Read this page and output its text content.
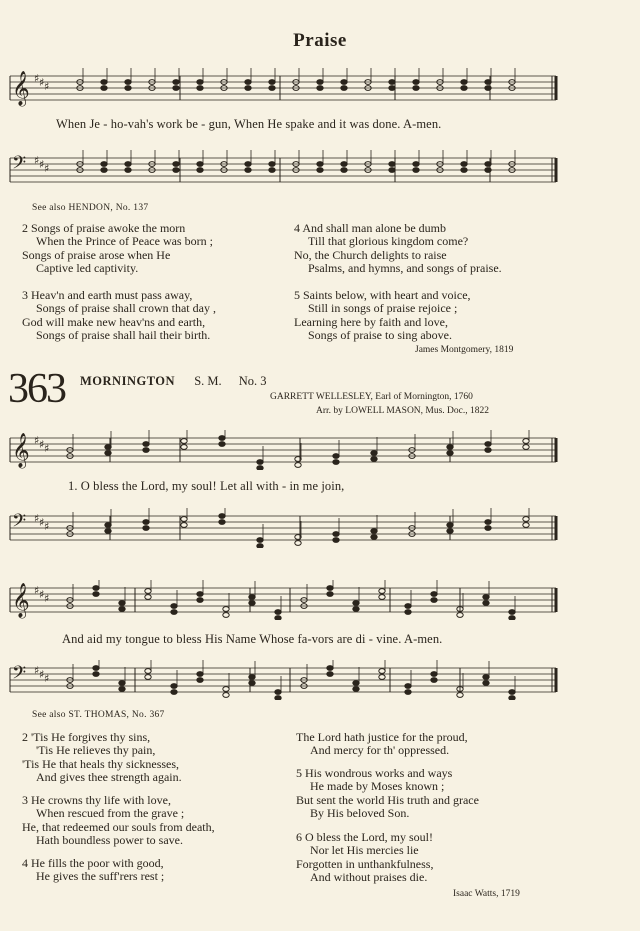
Praise
𝄞 ♯ ♯ ♯
When Je - ho-vah's work be - gun, When He spake and it was done. A-men.
𝄢 ♯ ♯ ♯
See also HENDON, No. 137
2 Songs of praise awoke the morn
When the Prince of Peace was born ;
Songs of praise arose when He
Captive led captivity.
3 Heav'n and earth must pass away,
Songs of praise shall crown that day ,
God will make new heav'ns and earth,
Songs of praise shall hail their birth.
4 And shall man alone be dumb
Till that glorious kingdom come?
No, the Church delights to raise
Psalms, and hymns, and songs of praise.
5 Saints below, with heart and voice,
Still in songs of praise rejoice ;
Learning here by faith and love,
Songs of praise to sing above.
James Montgomery, 1819
363 MORNINGTON S. M. No. 3
GARRETT WELLESLEY, Earl of Mornington, 1760
Arr. by LOWELL MASON, Mus. Doc., 1822
𝄞 ♯ ♯ ♯
1. O bless the Lord, my soul! Let all with - in me join,
𝄢 ♯ ♯ ♯
𝄞 ♯ ♯ ♯
And aid my tongue to bless His Name Whose fa-vors are di - vine. A-men.
𝄢 ♯ ♯ ♯
See also ST. THOMAS, No. 367
2 'Tis He forgives thy sins,
'Tis He relieves thy pain,
'Tis He that heals thy sicknesses,
And gives thee strength again.
3 He crowns thy life with love,
When rescued from the grave ;
He, that redeemed our souls from death,
Hath boundless power to save.
4 He fills the poor with good,
He gives the suff'rers rest ;
The Lord hath justice for the proud,
And mercy for th' oppressed.
5 His wondrous works and ways
He made by Moses known ;
But sent the world His truth and grace
By His beloved Son.
6 O bless the Lord, my soul!
Nor let His mercies lie
Forgotten in unthankfulness,
And without praises die.
Isaac Watts, 1719
